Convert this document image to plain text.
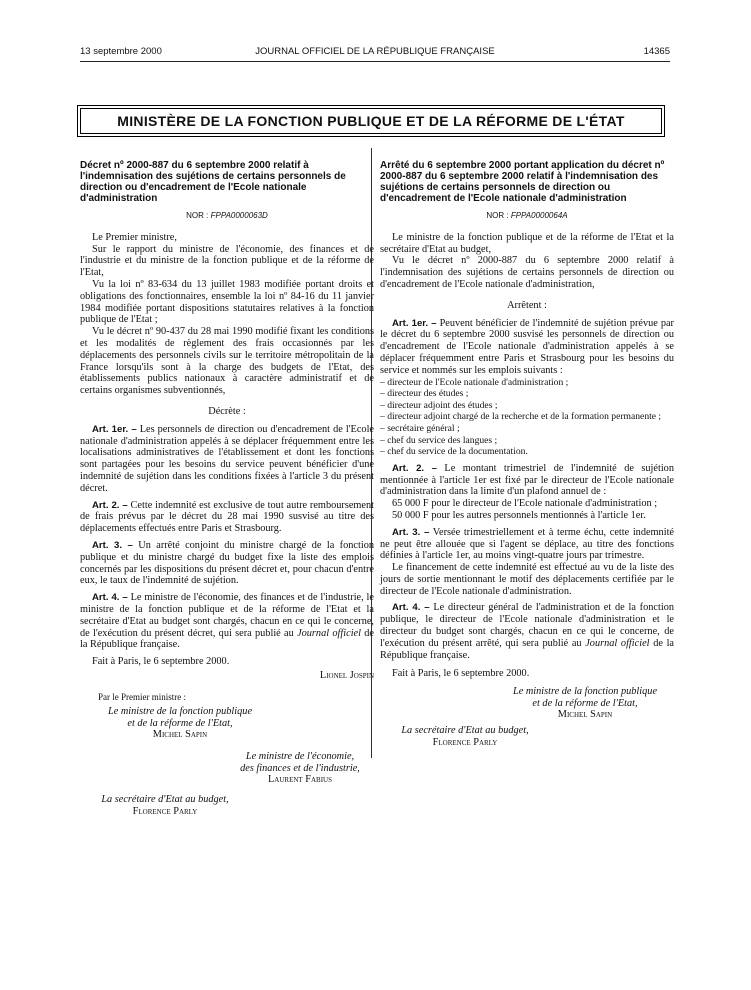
13 septembre 2000	JOURNAL OFFICIEL DE LA RÉPUBLIQUE FRANÇAISE	14365
MINISTÈRE DE LA FONCTION PUBLIQUE ET DE LA RÉFORME DE L'ÉTAT

Décret nº 2000-887 du 6 septembre 2000 relatif à l'indemnisation des sujétions de certains personnels de direction ou d'encadrement de l'Ecole nationale d'administration

NOR : FPPA0000063D

Le Premier ministre,

Sur le rapport du ministre de l'économie, des finances et de l'industrie et du ministre de la fonction publique et de la réforme de l'Etat,

Vu la loi nº 83-634 du 13 juillet 1983 modifiée portant droits et obligations des fonctionnaires, ensemble la loi nº 84-16 du 11 janvier 1984 modifiée portant dispositions statutaires relatives à la fonction publique de l'Etat ;

Vu le décret nº 90-437 du 28 mai 1990 modifié fixant les conditions et les modalités de règlement des frais occasionnés par les déplacements des personnels civils sur le territoire métropolitain de la France lorsqu'ils sont à la charge des budgets de l'Etat, des établissements publics nationaux à caractère administratif et de certains organismes subventionnés,

Décrète :

Art. 1er. – Les personnels de direction ou d'encadrement de l'Ecole nationale d'administration appelés à se déplacer fréquemment entre les localisations administratives de l'établissement et dont les fonctions sont partagées pour les besoins du service peuvent bénéficier d'une indemnité de sujétion dans les conditions fixées à l'article 3 du présent décret.

Art. 2. – Cette indemnité est exclusive de tout autre remboursement de frais prévus par le décret du 28 mai 1990 susvisé au titre des déplacements effectués entre Paris et Strasbourg.

Art. 3. – Un arrêté conjoint du ministre chargé de la fonction publique et du ministre chargé du budget fixe la liste des emplois concernés par les dispositions du présent décret et, pour chacun d'entre eux, le taux de l'indemnité de sujétion.

Art. 4. – Le ministre de l'économie, des finances et de l'industrie, le ministre de la fonction publique et de la réforme de l'Etat et la secrétaire d'Etat au budget sont chargés, chacun en ce qui le concerne, de l'exécution du présent décret, qui sera publié au Journal officiel de la République française.

Fait à Paris, le 6 septembre 2000.

Lionel Jospin

Par le Premier ministre :

Le ministre de la fonction publique

et de la réforme de l'Etat,

Michel Sapin

Le ministre de l'économie,

des finances et de l'industrie,

Laurent Fabius

La secrétaire d'Etat au budget,

Florence Parly

Arrêté du 6 septembre 2000 portant application du décret nº 2000-887 du 6 septembre 2000 relatif à l'indemnisation des sujétions de certains personnels de direction ou d'encadrement de l'Ecole nationale d'administration

NOR : FPPA0000064A

Le ministre de la fonction publique et de la réforme de l'Etat et la secrétaire d'Etat au budget,

Vu le décret nº 2000-887 du 6 septembre 2000 relatif à l'indemnisation des sujétions de certains personnels de direction ou d'encadrement de l'Ecole nationale d'administration,

Arrêtent :

Art. 1er. – Peuvent bénéficier de l'indemnité de sujétion prévue par le décret du 6 septembre 2000 susvisé les personnels de direction ou d'encadrement de l'Ecole nationale d'administration appelés à se déplacer fréquemment entre Paris et Strasbourg pour les besoins du service et nommés sur les emplois suivants :

– directeur de l'Ecole nationale d'administration ;

– directeur des études ;

– directeur adjoint des études ;

– directeur adjoint chargé de la recherche et de la formation permanente ;

– secrétaire général ;

– chef du service des langues ;

– chef du service de la documentation.

Art. 2. – Le montant trimestriel de l'indemnité de sujétion mentionnée à l'article 1er est fixé par le directeur de l'Ecole nationale d'administration dans la limite d'un plafond annuel de :

65 000 F pour le directeur de l'Ecole nationale d'administration ;

50 000 F pour les autres personnels mentionnés à l'article 1er.

Art. 3. – Versée trimestriellement et à terme échu, cette indemnité ne peut être allouée que si l'agent se déplace, au titre des fonctions définies à l'article 1er, au moins vingt-quatre jours par trimestre.

Le financement de cette indemnité est effectué au vu de la liste des jours de sortie mentionnant le motif des déplacements certifiée par le directeur de l'Ecole nationale d'administration.

Art. 4. – Le directeur général de l'administration et de la fonction publique, le directeur de l'Ecole nationale d'administration et le directeur du budget sont chargés, chacun en ce qui le concerne, de l'exécution du présent arrêté, qui sera publié au Journal officiel de la République française.

Fait à Paris, le 6 septembre 2000.

Le ministre de la fonction publique

et de la réforme de l'Etat,

Michel Sapin

La secrétaire d'Etat au budget,

Florence Parly
